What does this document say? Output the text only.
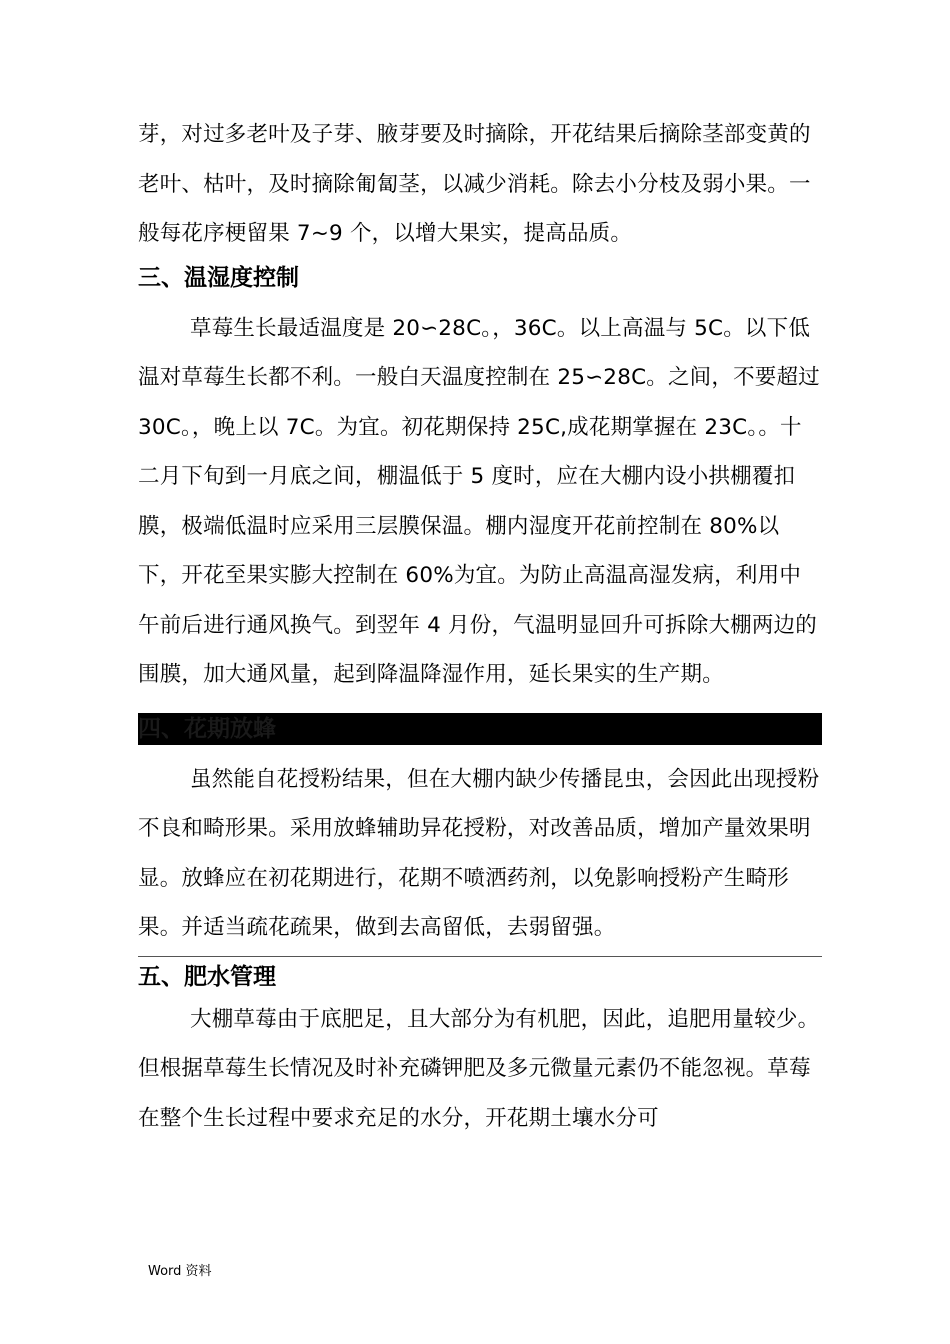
芽，对过多老叶及子芽、腋芽要及时摘除，开花结果后摘除茎部变黄的老叶、枯叶，及时摘除匍匐茎，以减少消耗。除去小分枝及弱小果。一般每花序梗留果 7~9 个，以增大果实，提高品质。

三、温湿度控制

草莓生长最适温度是 20∽28C。，36C。以上高温与 5C。以下低温对草莓生长都不利。一般白天温度控制在 25∽28C。之间，不要超过 30C。，晚上以 7C。为宜。初花期保持 25C,成花期掌握在 23C。。十二月下旬到一月底之间，棚温低于 5 度时，应在大棚内设小拱棚覆扣膜，极端低温时应采用三层膜保温。棚内湿度开花前控制在 80%以下，开花至果实膨大控制在 60%为宜。为防止高温高湿发病，利用中午前后进行通风换气。到翌年 4 月份，气温明显回升可拆除大棚两边的围膜，加大通风量，起到降温降湿作用，延长果实的生产期。

四、花期放蜂

虽然能自花授粉结果，但在大棚内缺少传播昆虫，会因此出现授粉不良和畸形果。采用放蜂辅助异花授粉，对改善品质，增加产量效果明显。放蜂应在初花期进行，花期不喷洒药剂，以免影响授粉产生畸形果。并适当疏花疏果，做到去高留低，去弱留强。

五、肥水管理

大棚草莓由于底肥足，且大部分为有机肥，因此，追肥用量较少。但根据草莓生长情况及时补充磷钾肥及多元微量元素仍不能忽视。草莓在整个生长过程中要求充足的水分，开花期土壤水分可

Word 资料
